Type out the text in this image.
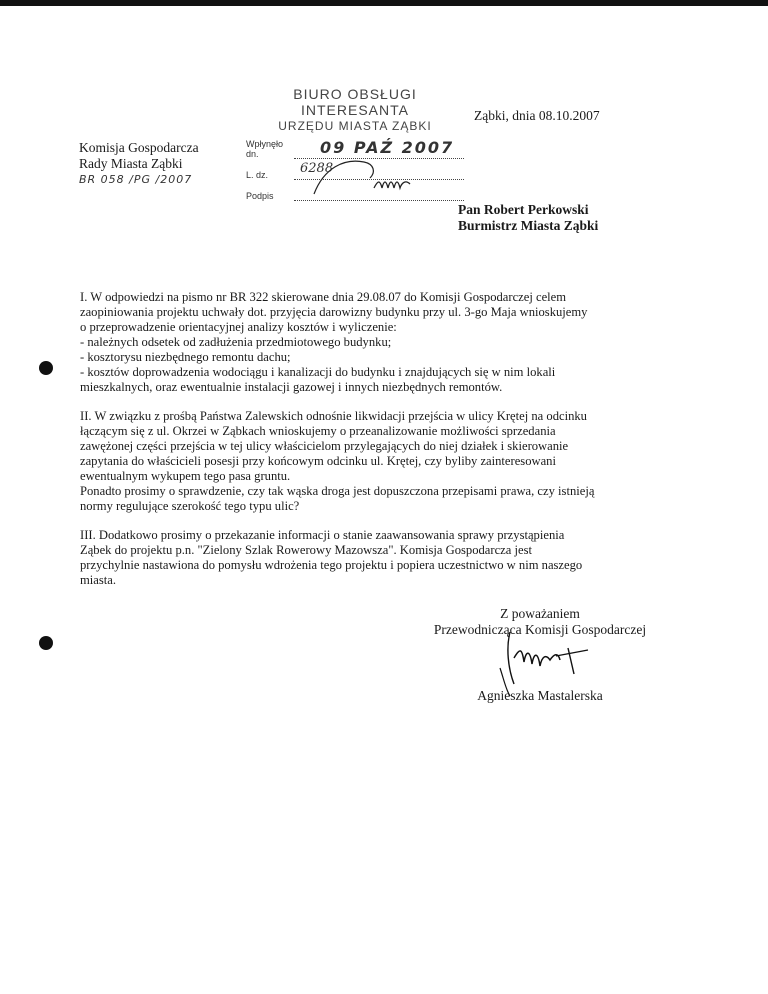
BIURO OBSŁUGI INTERESANTA
URZĘDU MIASTA ZĄBKI
Wpłynęło dn.	09 PAŹ 2007
L. dz.	6288
Podpis
Ząbki, dnia 08.10.2007
Komisja Gospodarcza
Rady Miasta Ząbki
BR 058 /PG /2007
Pan Robert Perkowski
Burmistrz Miasta Ząbki

I. W odpowiedzi na pismo nr BR 322 skierowane dnia 29.08.07 do Komisji Gospodarczej celem
zaopiniowania projektu uchwały dot. przyjęcia darowizny budynku przy ul. 3-go Maja wnioskujemy
o przeprowadzenie orientacyjnej analizy kosztów i wyliczenie:
- należnych odsetek od zadłużenia przedmiotowego budynku;
- kosztorysu niezbędnego remontu dachu;
- kosztów doprowadzenia wodociągu i kanalizacji do budynku i znajdujących się w nim lokali
mieszkalnych, oraz ewentualnie instalacji gazowej i innych niezbędnych remontów.

II. W związku z prośbą Państwa Zalewskich odnośnie likwidacji przejścia w ulicy Krętej na odcinku
łączącym się z ul. Okrzei w Ząbkach wnioskujemy o przeanalizowanie możliwości sprzedania
zawężonej części przejścia w tej ulicy właścicielom przylegających do niej działek i skierowanie
zapytania do właścicieli posesji przy końcowym odcinku ul. Krętej, czy byliby zainteresowani
ewentualnym wykupem tego pasa gruntu.
Ponadto prosimy o sprawdzenie, czy tak wąska droga jest dopuszczona przepisami prawa, czy istnieją
normy regulujące szerokość tego typu ulic?

III. Dodatkowo prosimy o przekazanie informacji o stanie zaawansowania sprawy przystąpienia
Ząbek do projektu p.n. "Zielony Szlak Rowerowy Mazowsza". Komisja Gospodarcza jest
przychylnie nastawiona do pomysłu wdrożenia tego projektu i popiera uczestnictwo w nim naszego
miasta.

Z poważaniem
Przewodnicząca Komisji Gospodarczej
Agnieszka Mastalerska
